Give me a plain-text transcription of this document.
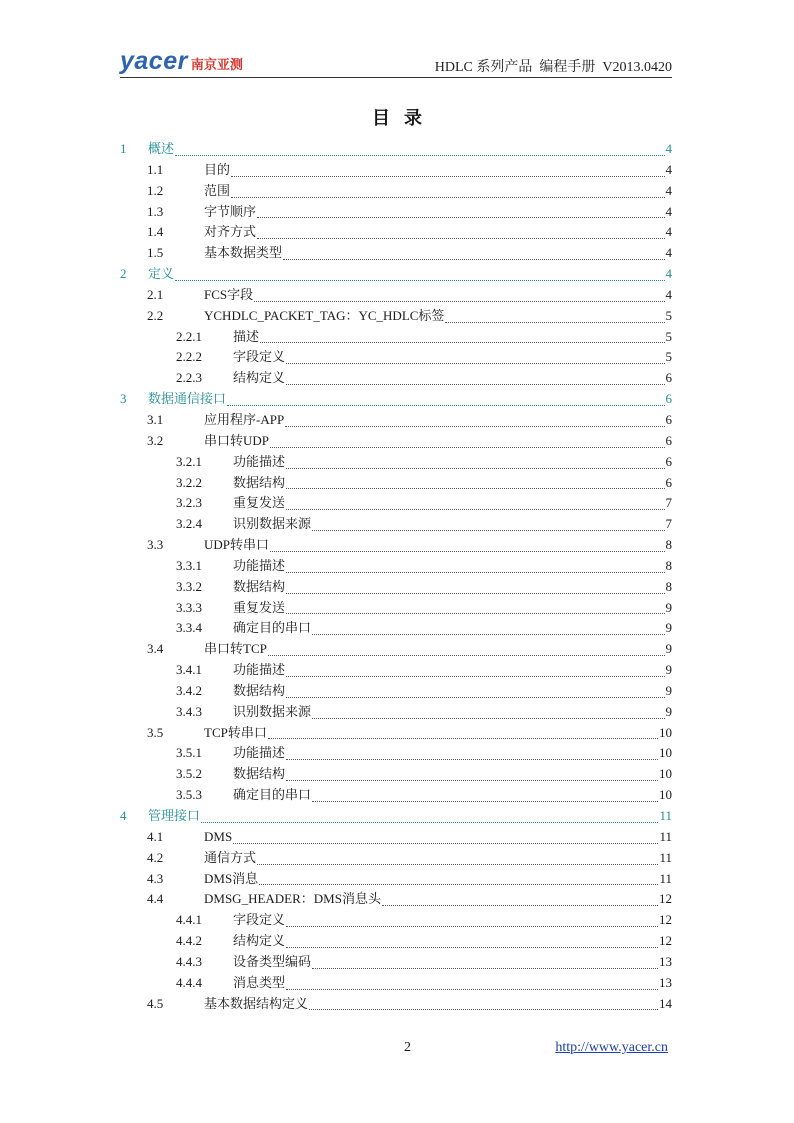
yacer 南京亚测	HDLC 系列产品  编程手册  V2013.0420
目录
1 概述	4
1.1	目的	4
1.2	范围	4
1.3	字节顺序	4
1.4	对齐方式	4
1.5	基本数据类型	4
2 定义	4
2.1	FCS字段	4
2.2	YCHDLC_PACKET_TAG：YC_HDLC标签	5
2.2.1 描述	5
2.2.2 字段定义	5
2.2.3 结构定义	6
3 数据通信接口	6
3.1	应用程序-APP	6
3.2	串口转UDP	6
3.2.1 功能描述	6
3.2.2 数据结构	6
3.2.3 重复发送	7
3.2.4 识别数据来源	7
3.3	UDP转串口	8
3.3.1 功能描述	8
3.3.2 数据结构	8
3.3.3 重复发送	9
3.3.4 确定目的串口	9
3.4	串口转TCP	9
3.4.1 功能描述	9
3.4.2 数据结构	9
3.4.3 识别数据来源	9
3.5	TCP转串口	10
3.5.1 功能描述	10
3.5.2 数据结构	10
3.5.3 确定目的串口	10
4 管理接口	11
4.1	DMS	11
4.2	通信方式	11
4.3	DMS消息	11
4.4	DMSG_HEADER：DMS消息头	12
4.4.1 字段定义	12
4.4.2 结构定义	12
4.4.3 设备类型编码	13
4.4.4 消息类型	13
4.5	基本数据结构定义	14
2	http://www.yacer.cn
